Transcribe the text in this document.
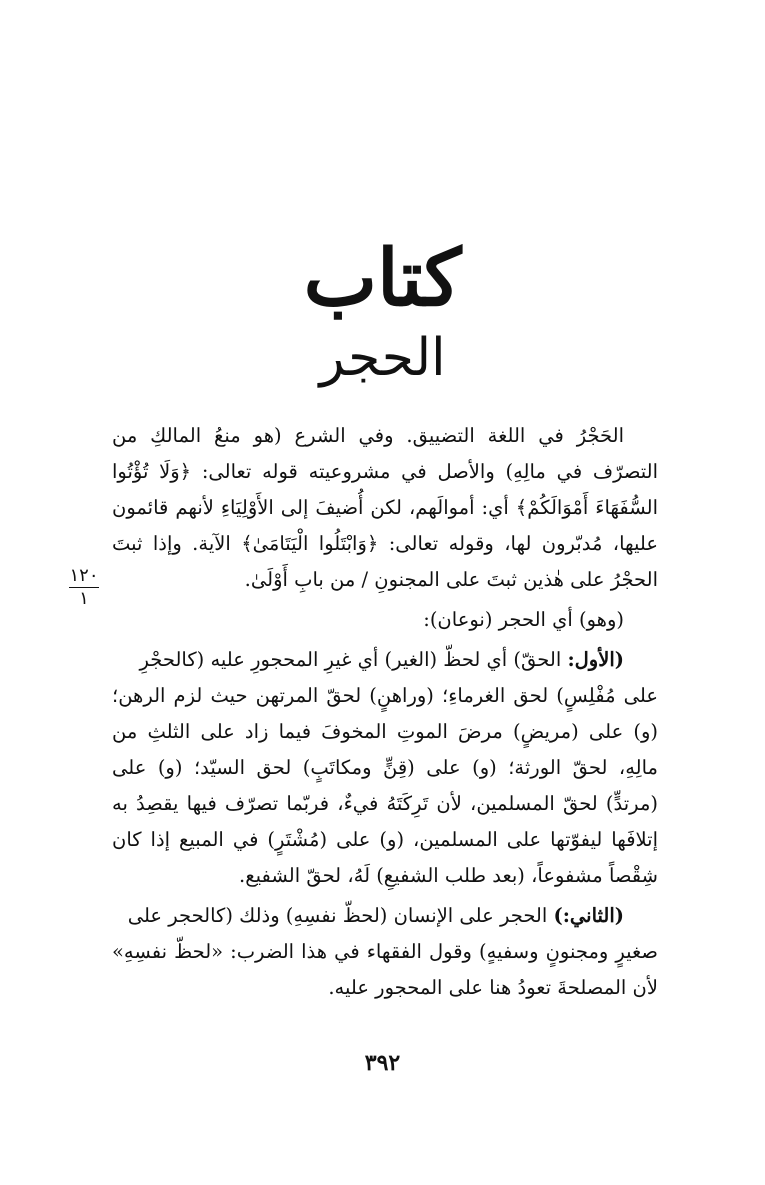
كتاب
الحجر
١٢٠
١

الحَجْرُ في اللغة التضييق. وفي الشرع (هو منعُ المالكِ من التصرّف في مالِهِ) والأصل في مشروعيته قوله تعالى: ﴿وَلَا تُؤْتُوا السُّفَهَاءَ أَمْوَالَكُمْ﴾ أي: أموالَهم، لكن أُضيفَ إلى الأَوْلِيَاءِ لأنهم قائمون عليها، مُدبّرون لها، وقوله تعالى: ﴿وَابْتَلُوا الْيَتَامَىٰ﴾ الآية. وإذا ثبتَ الحجْرُ على هٰذين ثبتَ على المجنونِ / من بابِ أَوْلَىٰ.

(وهو) أي الحجر (نوعان):

(الأول: الحقّ) أي لحظّ (الغير) أي غيرِ المحجورِ عليه (كالحجْرِ

على مُفْلِسٍ) لحق الغرماءِ؛ (وراهنٍ) لحقّ المرتهن حيث لزم الرهن؛ (و) على (مريضٍ) مرضَ الموتِ المخوفَ فيما زاد على الثلثِ من مالِهِ، لحقّ الورثة؛ (و) على (قِنٍّ ومكاتَبٍ) لحق السيّد؛ (و) على (مرتدٍّ) لحقّ المسلمين، لأن تَرِكَتَهُ فيءٌ، فربّما تصرّف فيها يقصِدُ به إتلافَها ليفوّتها على المسلمين، (و) على (مُشْتَرٍ) في المبيع إذا كان شِقْصاً مشفوعاً، (بعد طلب الشفيعِ) لَهُ، لحقّ الشفيع.

(الثاني:) الحجر على الإنسان (لحظّ نفسِهِ) وذلك (كالحجر على

صغيرٍ ومجنونٍ وسفيهٍ) وقول الفقهاء في هذا الضرب: «لحظّ نفسِهِ» لأن المصلحةَ تعودُ هنا على المحجور عليه.

٣٩٢
